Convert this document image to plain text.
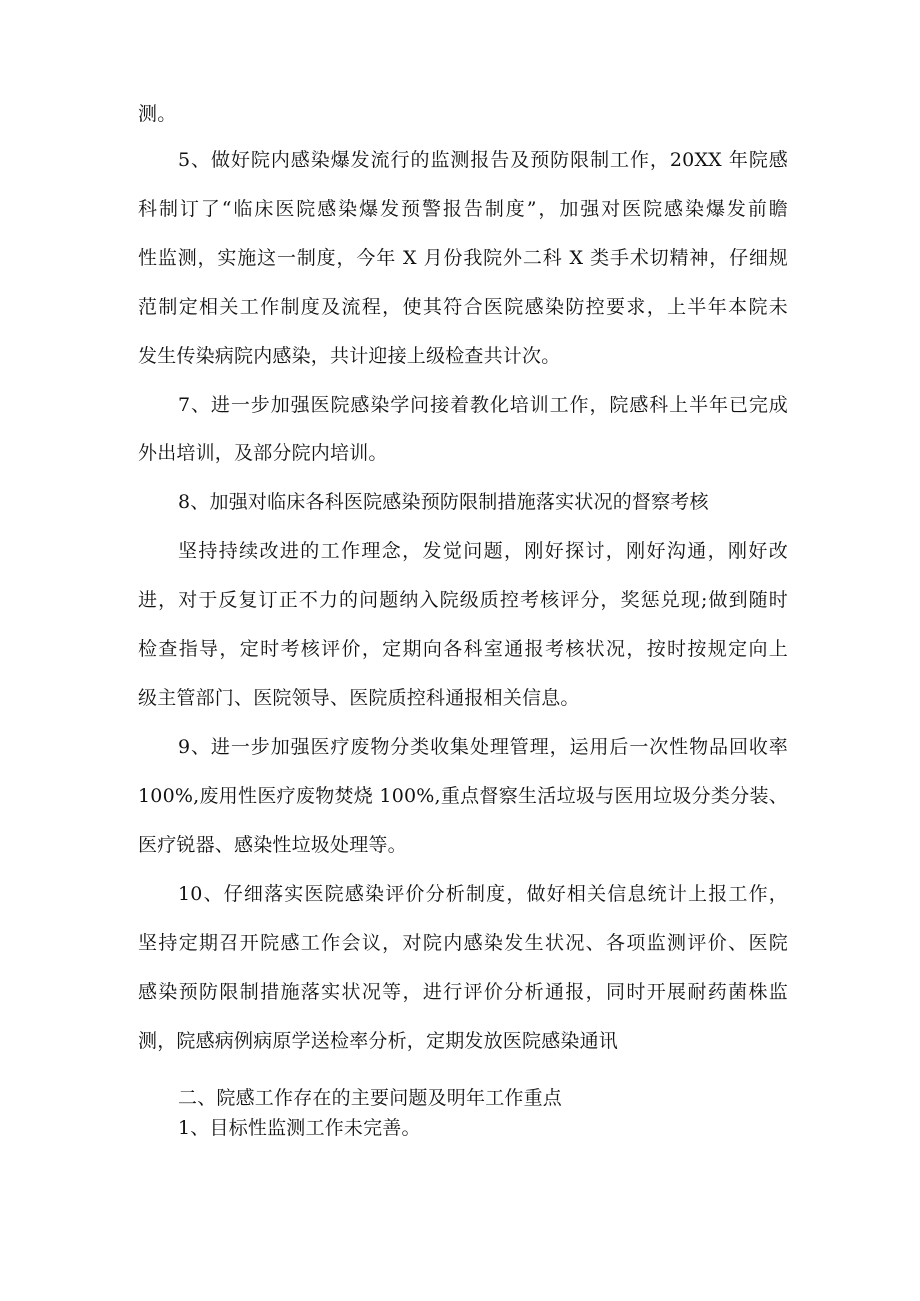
测。
5、做好院内感染爆发流行的监测报告及预防限制工作，20XX 年院感
科制订了“临床医院感染爆发预警报告制度”，加强对医院感染爆发前瞻
性监测，实施这一制度，今年 X 月份我院外二科 X 类手术切精神，仔细规
范制定相关工作制度及流程，使其符合医院感染防控要求，上半年本院未
发生传染病院内感染，共计迎接上级检查共计次。
7、进一步加强医院感染学问接着教化培训工作，院感科上半年已完成
外出培训，及部分院内培训。
8、加强对临床各科医院感染预防限制措施落实状况的督察考核
坚持持续改进的工作理念，发觉问题，刚好探讨，刚好沟通，刚好改
进，对于反复订正不力的问题纳入院级质控考核评分，奖惩兑现;做到随时
检查指导，定时考核评价，定期向各科室通报考核状况，按时按规定向上
级主管部门、医院领导、医院质控科通报相关信息。
9、进一步加强医疗废物分类收集处理管理，运用后一次性物品回收率
100%,废用性医疗废物焚烧 100%,重点督察生活垃圾与医用垃圾分类分装、
医疗锐器、感染性垃圾处理等。
10、仔细落实医院感染评价分析制度，做好相关信息统计上报工作，
坚持定期召开院感工作会议，对院内感染发生状况、各项监测评价、医院
感染预防限制措施落实状况等，进行评价分析通报，同时开展耐药菌株监
测，院感病例病原学送检率分析，定期发放医院感染通讯
二、院感工作存在的主要问题及明年工作重点
1、目标性监测工作未完善。
